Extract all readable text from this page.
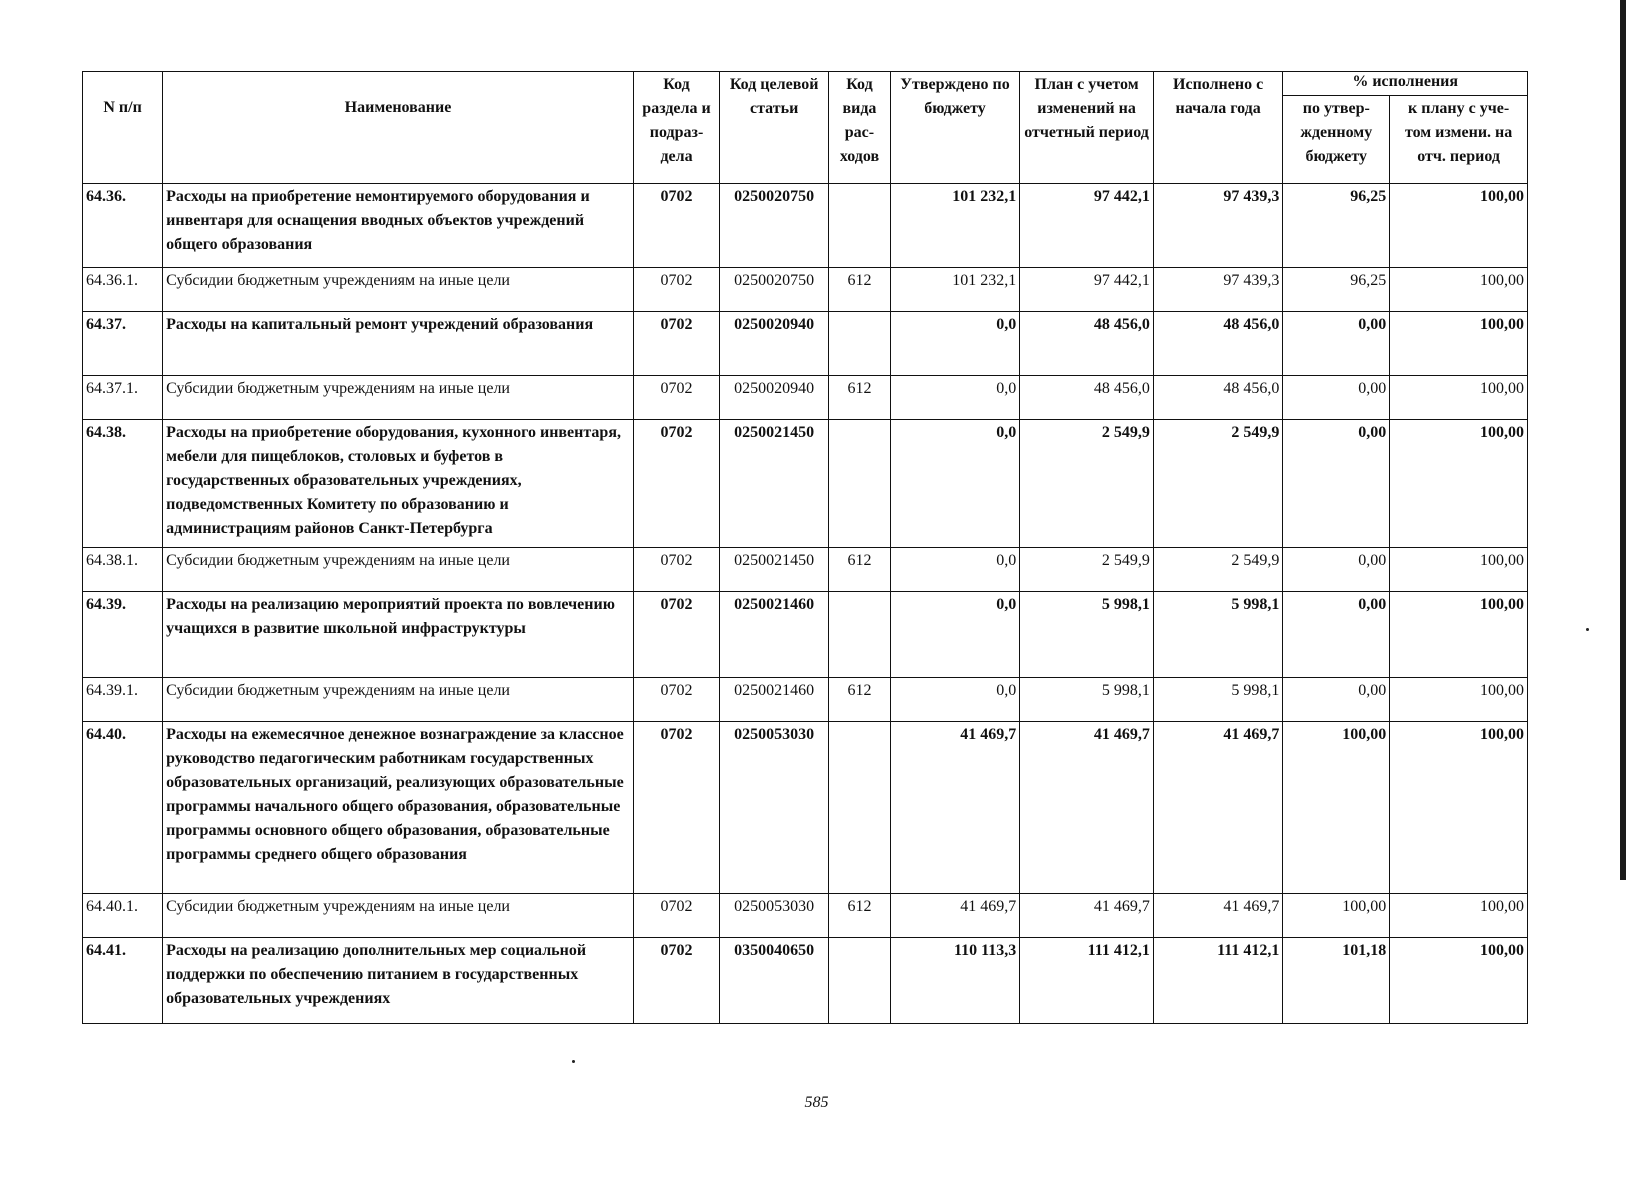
N п/п	Наименование	Код раздела и подраз- дела	Код целевой статьи	Код вида рас- ходов	Утверждено по бюджету	План с учетом изменений на отчетный период	Исполнено с начала года	% исполнения	
								по утвер- жденному бюджету	к плану с уче- том измени. на отч. период
64.36.	Расходы на приобретение немонтируемого оборудования и инвентаря для оснащения вводных объектов учреждений общего образования	0702	0250020750		101 232,1	97 442,1	97 439,3	96,25	100,00
64.36.1.	Субсидии бюджетным учреждениям на иные цели	0702	0250020750	612	101 232,1	97 442,1	97 439,3	96,25	100,00
64.37.	Расходы на капитальный ремонт учреждений образования	0702	0250020940		0,0	48 456,0	48 456,0	0,00	100,00
64.37.1.	Субсидии бюджетным учреждениям на иные цели	0702	0250020940	612	0,0	48 456,0	48 456,0	0,00	100,00
64.38.	Расходы на приобретение оборудования, кухонного инвентаря, мебели для пищеблоков, столовых и буфетов в государственных образовательных учреждениях, подведомственных Комитету по образованию и администрациям районов Санкт-Петербурга	0702	0250021450		0,0	2 549,9	2 549,9	0,00	100,00
64.38.1.	Субсидии бюджетным учреждениям на иные цели	0702	0250021450	612	0,0	2 549,9	2 549,9	0,00	100,00
64.39.	Расходы на реализацию мероприятий проекта по вовлечению учащихся в развитие школьной инфраструктуры	0702	0250021460		0,0	5 998,1	5 998,1	0,00	100,00
64.39.1.	Субсидии бюджетным учреждениям на иные цели	0702	0250021460	612	0,0	5 998,1	5 998,1	0,00	100,00
64.40.	Расходы на ежемесячное денежное вознаграждение за классное руководство педагогическим работникам государственных образовательных организаций, реализующих образовательные программы начального общего образования, образовательные программы основного общего образования, образовательные программы среднего общего образования	0702	0250053030		41 469,7	41 469,7	41 469,7	100,00	100,00
64.40.1.	Субсидии бюджетным учреждениям на иные цели	0702	0250053030	612	41 469,7	41 469,7	41 469,7	100,00	100,00
64.41.	Расходы на реализацию дополнительных мер социальной поддержки по обеспечению питанием в государственных образовательных учреждениях	0702	0350040650		110 113,3	111 412,1	111 412,1	101,18	100,00
585
